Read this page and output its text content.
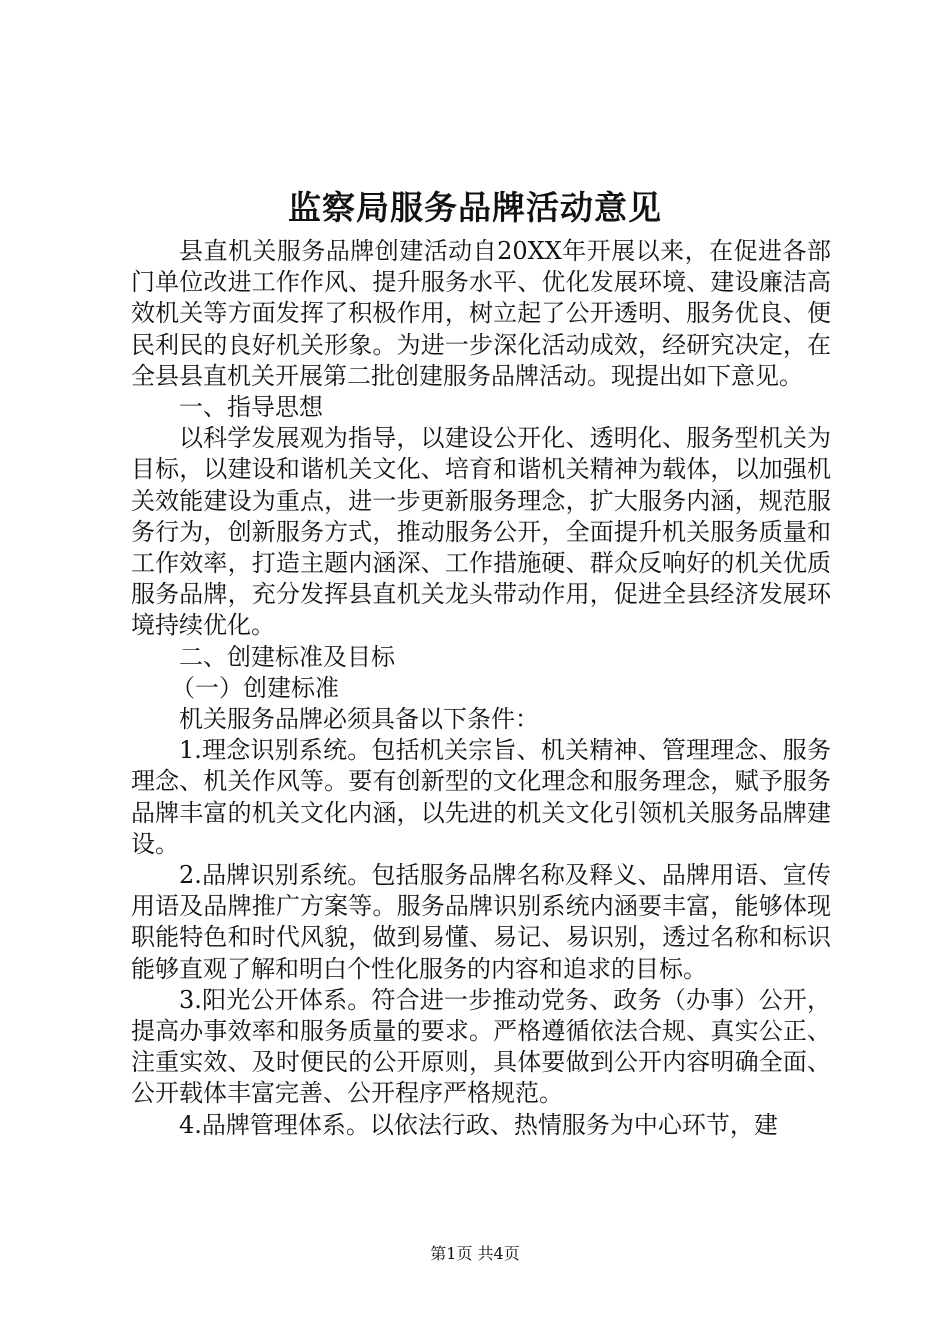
监察局服务品牌活动意见

县直机关服务品牌创建活动自20XX年开展以来，在促进各部门单位改进工作作风、提升服务水平、优化发展环境、建设廉洁高效机关等方面发挥了积极作用，树立起了公开透明、服务优良、便民利民的良好机关形象。为进一步深化活动成效，经研究决定，在全县县直机关开展第二批创建服务品牌活动。现提出如下意见。

一、指导思想

以科学发展观为指导，以建设公开化、透明化、服务型机关为目标，以建设和谐机关文化、培育和谐机关精神为载体，以加强机关效能建设为重点，进一步更新服务理念，扩大服务内涵，规范服务行为，创新服务方式，推动服务公开，全面提升机关服务质量和工作效率，打造主题内涵深、工作措施硬、群众反响好的机关优质服务品牌，充分发挥县直机关龙头带动作用，促进全县经济发展环境持续优化。

二、创建标准及目标

（一）创建标准

机关服务品牌必须具备以下条件：

1.理念识别系统。包括机关宗旨、机关精神、管理理念、服务理念、机关作风等。要有创新型的文化理念和服务理念，赋予服务品牌丰富的机关文化内涵，以先进的机关文化引领机关服务品牌建设。

2.品牌识别系统。包括服务品牌名称及释义、品牌用语、宣传用语及品牌推广方案等。服务品牌识别系统内涵要丰富，能够体现职能特色和时代风貌，做到易懂、易记、易识别，透过名称和标识能够直观了解和明白个性化服务的内容和追求的目标。

3.阳光公开体系。符合进一步推动党务、政务（办事）公开，提高办事效率和服务质量的要求。严格遵循依法合规、真实公正、注重实效、及时便民的公开原则，具体要做到公开内容明确全面、公开载体丰富完善、公开程序严格规范。

4.品牌管理体系。以依法行政、热情服务为中心环节，建

第1页 共4页
